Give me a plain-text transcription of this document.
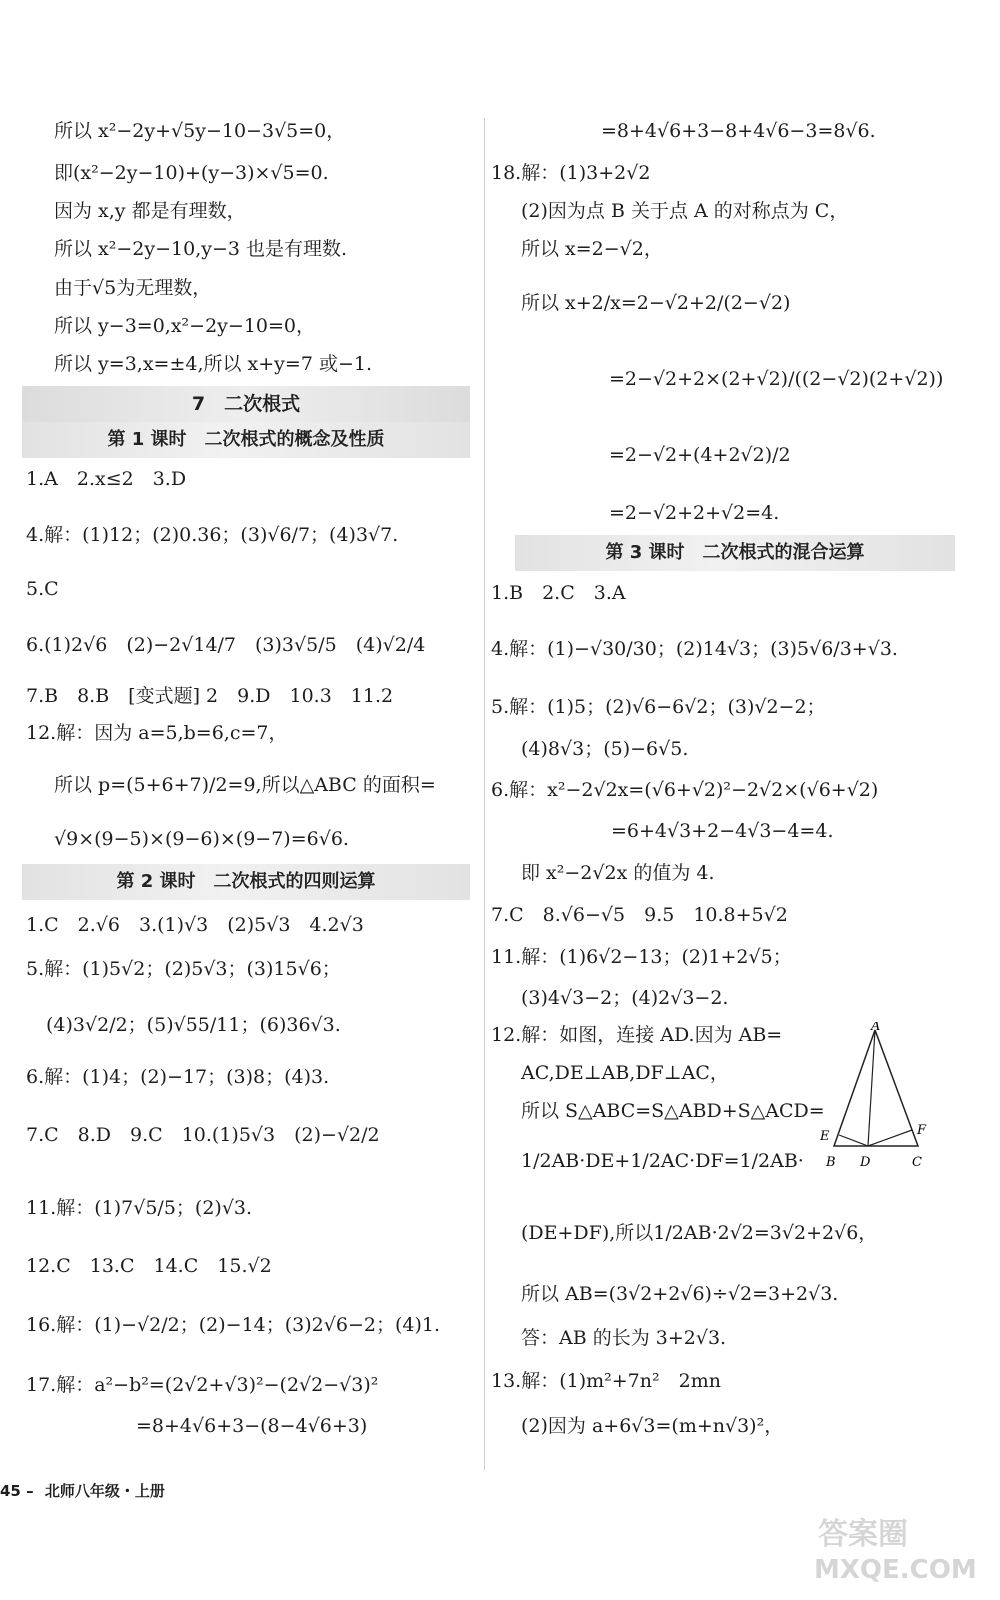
所以 x²−2y+√5y−10−3√5=0，
即(x²−2y−10)+(y−3)×√5=0.
因为 x,y 都是有理数，
所以 x²−2y−10,y−3 也是有理数.
由于√5为无理数，
所以 y−3=0,x²−2y−10=0，
所以 y=3,x=±4,所以 x+y=7 或−1.
7　二次根式
第 1 课时　二次根式的概念及性质
1.A　2.x≤2　3.D
4.解：(1)12；(2)0.36；(3)√6/7；(4)3√7.
5.C
6.(1)2√6　(2)−2√14/7　(3)3√5/5　(4)√2/4
7.B　8.B　[变式题] 2　9.D　10.3　11.2
12.解：因为 a=5,b=6,c=7，
所以 p=(5+6+7)/2=9,所以△ABC 的面积=
√9×(9−5)×(9−6)×(9−7)=6√6.
第 2 课时　二次根式的四则运算
1.C　2.√6　3.(1)√3　(2)5√3　4.2√3
5.解：(1)5√2；(2)5√3；(3)15√6；
(4)3√2/2；(5)√55/11；(6)36√3.
6.解：(1)4；(2)−17；(3)8；(4)3.
7.C　8.D　9.C　10.(1)5√3　(2)−√2/2
11.解：(1)7√5/5；(2)√3.
12.C　13.C　14.C　15.√2
16.解：(1)−√2/2；(2)−14；(3)2√6−2；(4)1.
17.解：a²−b²=(2√2+√3)²−(2√2−√3)²
=8+4√6+3−(8−4√6+3)
=8+4√6+3−8+4√6−3=8√6.
18.解：(1)3+2√2
(2)因为点 B 关于点 A 的对称点为 C，
所以 x=2−√2，
所以 x+2/x=2−√2+2/(2−√2)
=2−√2+2×(2+√2)/((2−√2)(2+√2))
=2−√2+(4+2√2)/2
=2−√2+2+√2=4.
第 3 课时　二次根式的混合运算
1.B　2.C　3.A
4.解：(1)−√30/30；(2)14√3；(3)5√6/3+√3.
5.解：(1)5；(2)√6−6√2；(3)√2−2；
(4)8√3；(5)−6√5.
6.解：x²−2√2x=(√6+√2)²−2√2×(√6+√2)
=6+4√3+2−4√3−4=4.
即 x²−2√2x 的值为 4.
7.C　8.√6−√5　9.5　10.8+5√2
11.解：(1)6√2−13；(2)1+2√5；
(3)4√3−2；(4)2√3−2.
12.解：如图，连接 AD.因为 AB=
AC,DE⊥AB,DF⊥AC，
所以 S△ABC=S△ABD+S△ACD=
1/2AB·DE+1/2AC·DF=1/2AB·
(DE+DF),所以1/2AB·2√2=3√2+2√6，
所以 AB=(3√2+2√6)÷√2=3+2√3.
答：AB 的长为 3+2√3.
13.解：(1)m²+7n²　2mn
(2)因为 a+6√3=(m+n√3)²，
A
B	C
D
E	F
45 – 北师八年级・上册
答案圈
MXQE.COM
